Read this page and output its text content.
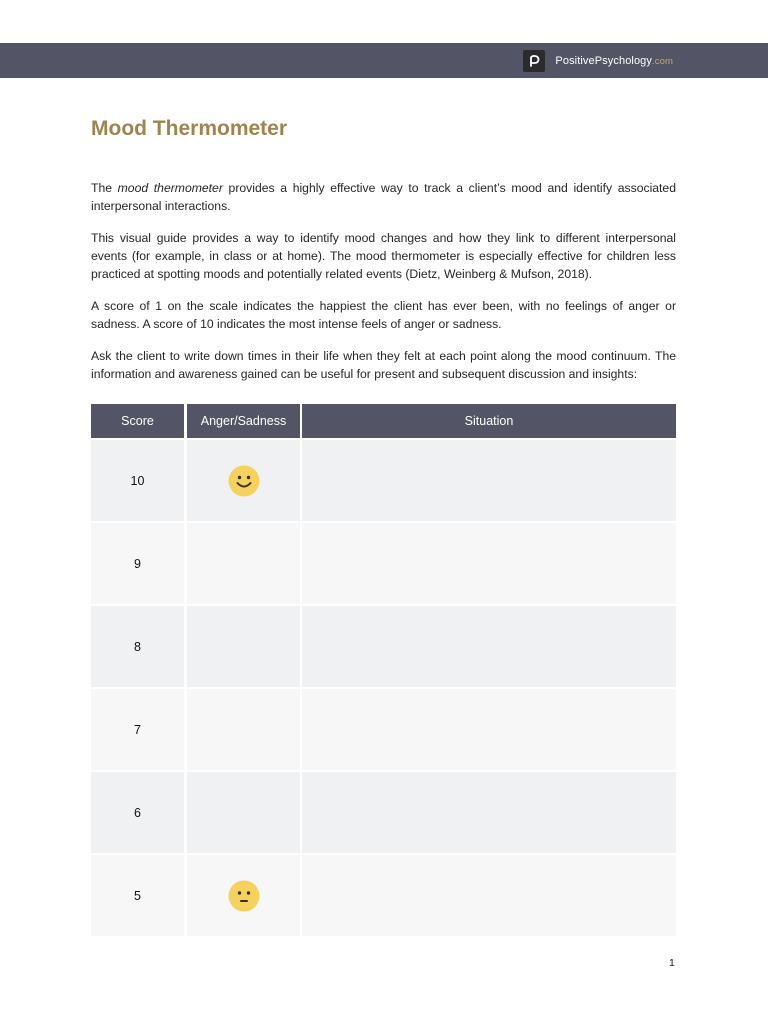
PositivePsychology.com
Mood Thermometer

The mood thermometer provides a highly effective way to track a client’s mood and identify associated interpersonal interactions.

This visual guide provides a way to identify mood changes and how they link to different interpersonal events (for example, in class or at home). The mood thermometer is especially effective for children less practiced at spotting moods and potentially related events (Dietz, Weinberg & Mufson, 2018).

A score of 1 on the scale indicates the happiest the client has ever been, with no feelings of anger or sadness. A score of 10 indicates the most intense feels of anger or sadness.

Ask the client to write down times in their life when they felt at each point along the mood continuum. The information and awareness gained can be useful for present and subsequent discussion and insights:

Score	Anger/Sadness	Situation
10
9
8
7
6
5
1
